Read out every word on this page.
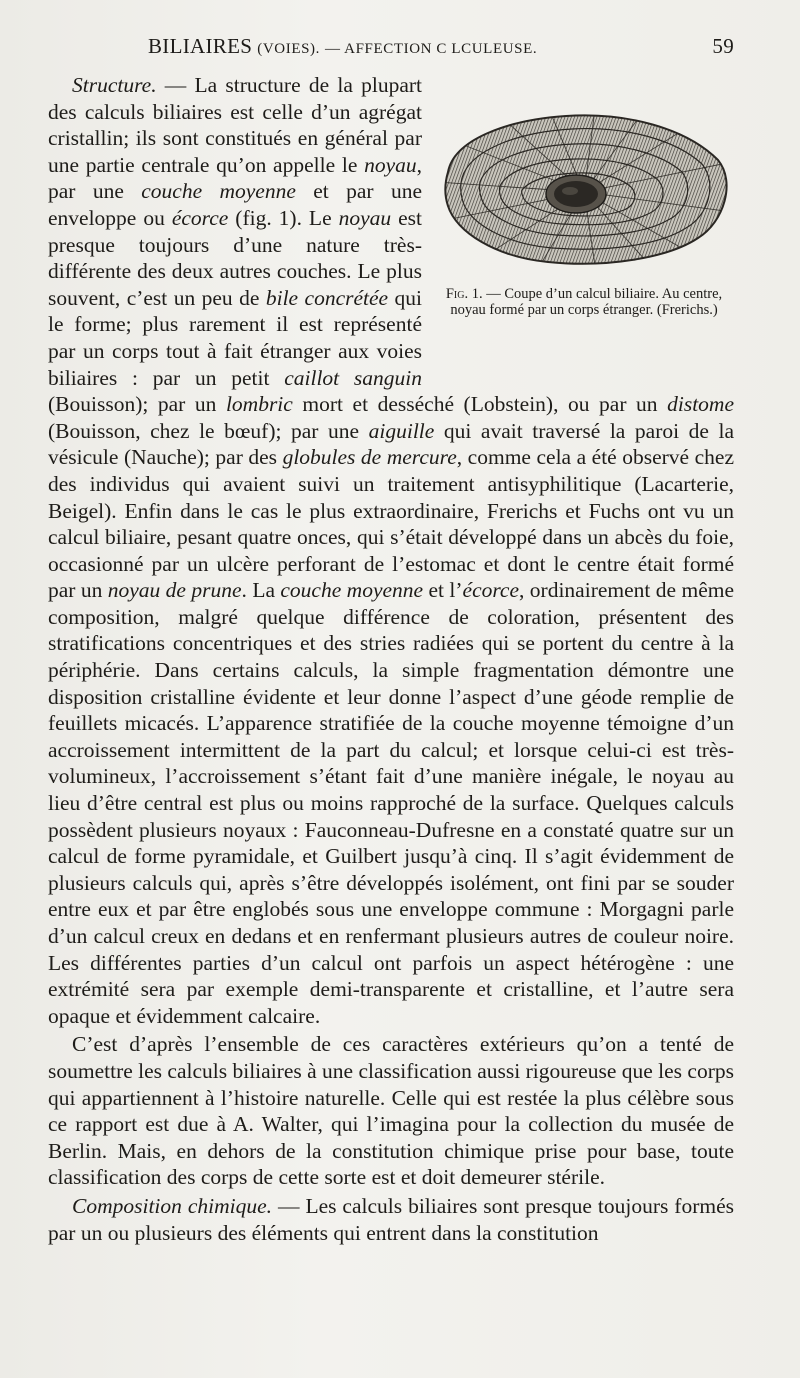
BILIAIRES (VOIES). — AFFECTION C LCULEUSE.	59
Fig. 1. — Coupe d’un calcul biliaire. Au centre, noyau formé par un corps étranger. (Frerichs.)

Structure. — La structure de la plupart des calculs biliaires est celle d’un agrégat cristallin; ils sont constitués en général par une partie centrale qu’on appelle le noyau, par une couche moyenne et par une enveloppe ou écorce (fig. 1). Le noyau est presque toujours d’une nature très-différente des deux autres couches. Le plus souvent, c’est un peu de bile concrétée qui le forme; plus rarement il est représenté par un corps tout à fait étranger aux voies biliaires : par un petit caillot sanguin (Bouisson); par un lombric mort et desséché (Lobstein), ou par un distome (Bouisson, chez le bœuf); par une aiguille qui avait traversé la paroi de la vésicule (Nauche); par des globules de mercure, comme cela a été observé chez des individus qui avaient suivi un traitement antisyphilitique (Lacarterie, Beigel). Enfin dans le cas le plus extraordinaire, Frerichs et Fuchs ont vu un calcul biliaire, pesant quatre onces, qui s’était développé dans un abcès du foie, occasionné par un ulcère perforant de l’estomac et dont le centre était formé par un noyau de prune. La couche moyenne et l’écorce, ordinairement de même composition, malgré quelque différence de coloration, présentent des stratifications concentriques et des stries radiées qui se portent du centre à la périphérie. Dans certains calculs, la simple fragmentation démontre une disposition cristalline évidente et leur donne l’aspect d’une géode remplie de feuillets micacés. L’apparence stratifiée de la couche moyenne témoigne d’un accroissement intermittent de la part du calcul; et lorsque celui-ci est très-volumineux, l’accroissement s’étant fait d’une manière inégale, le noyau au lieu d’être central est plus ou moins rapproché de la surface. Quelques calculs possèdent plusieurs noyaux : Fauconneau-Dufresne en a constaté quatre sur un calcul de forme pyramidale, et Guilbert jusqu’à cinq. Il s’agit évidemment de plusieurs calculs qui, après s’être développés isolément, ont fini par se souder entre eux et par être englobés sous une enveloppe commune : Morgagni parle d’un calcul creux en dedans et en renfermant plusieurs autres de couleur noire. Les différentes parties d’un calcul ont parfois un aspect hétérogène : une extrémité sera par exemple demi-transparente et cristalline, et l’autre sera opaque et évidemment calcaire.

C’est d’après l’ensemble de ces caractères extérieurs qu’on a tenté de soumettre les calculs biliaires à une classification aussi rigoureuse que les corps qui appartiennent à l’histoire naturelle. Celle qui est restée la plus célèbre sous ce rapport est due à A. Walter, qui l’imagina pour la collection du musée de Berlin. Mais, en dehors de la constitution chimique prise pour base, toute classification des corps de cette sorte est et doit demeurer stérile.

Composition chimique. — Les calculs biliaires sont presque toujours formés par un ou plusieurs des éléments qui entrent dans la constitution
